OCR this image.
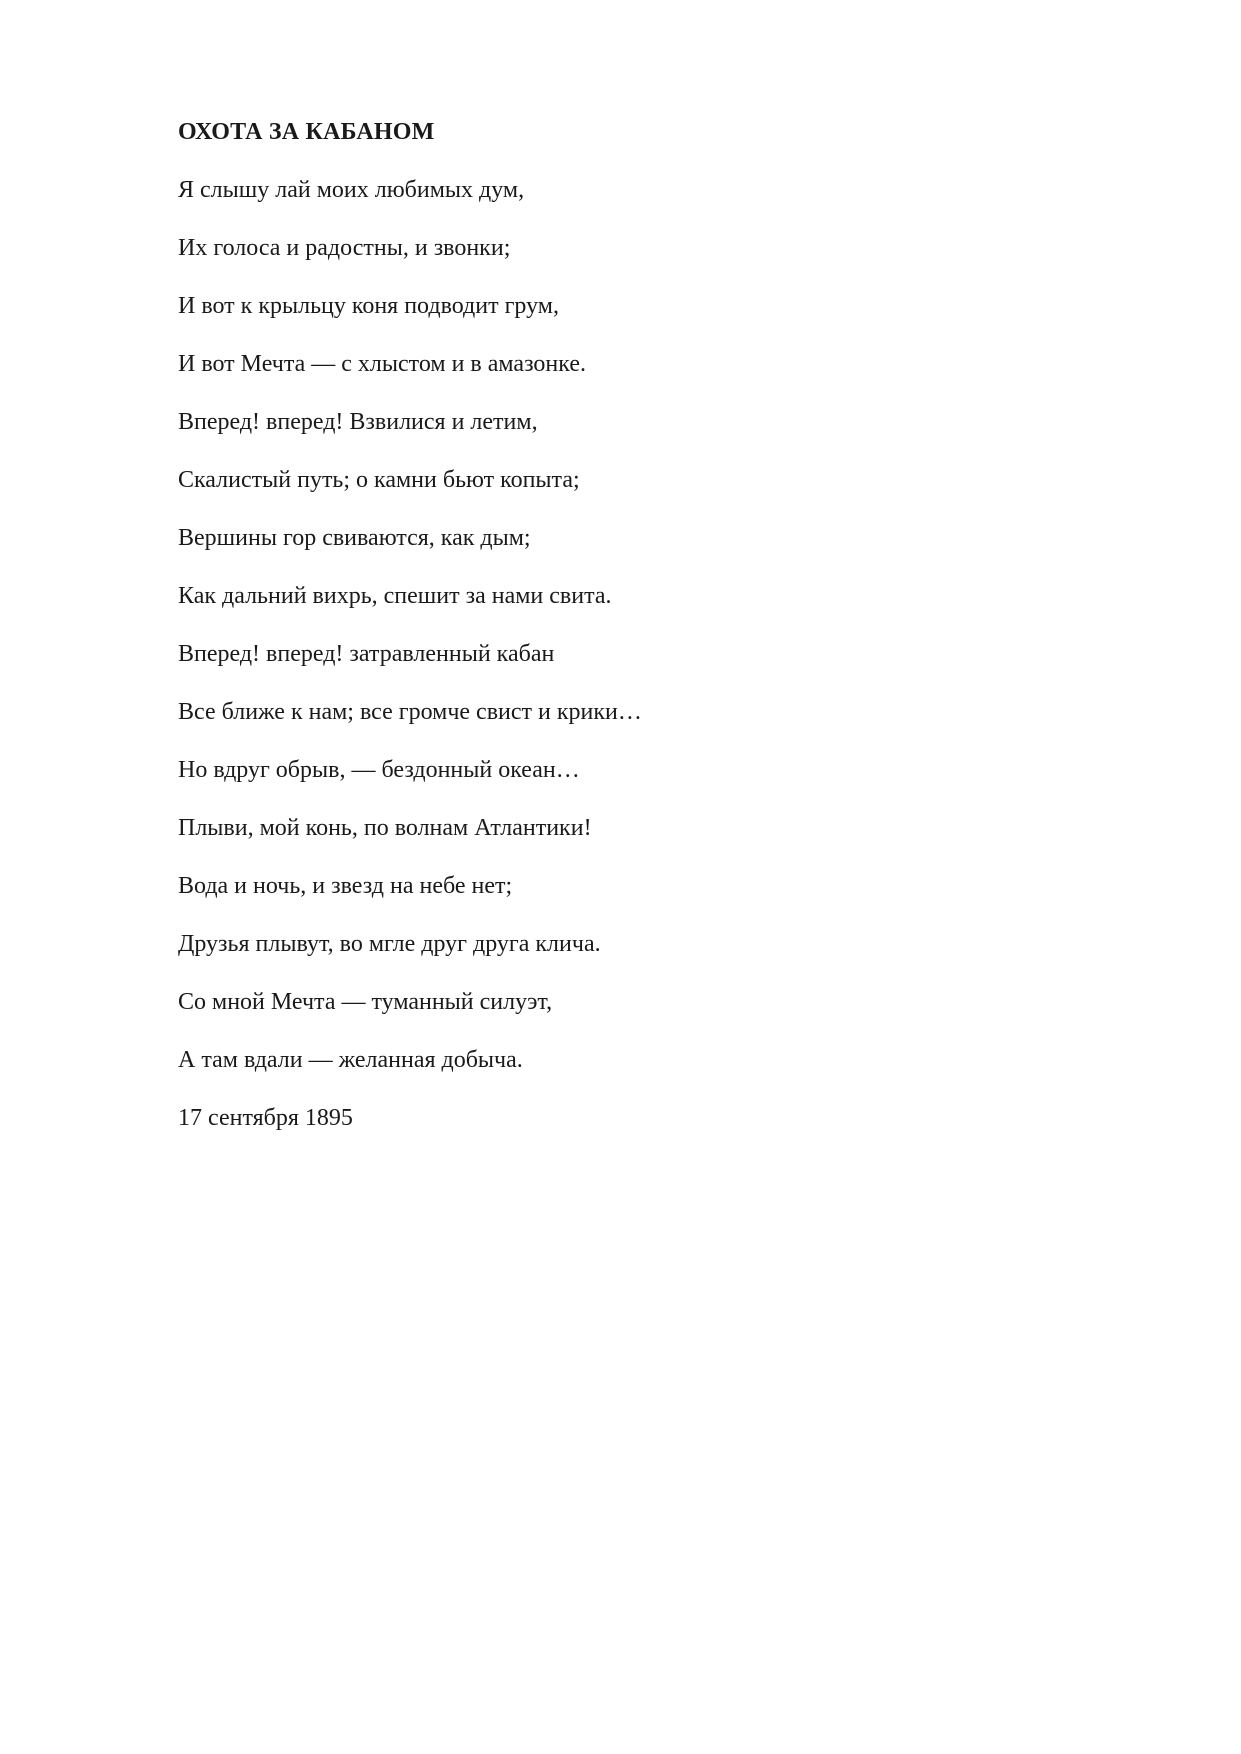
ОХОТА ЗА КАБАНОМ
Я слышу лай моих любимых дум,
Их голоса и радостны, и звонки;
И вот к крыльцу коня подводит грум,
И вот Мечта — с хлыстом и в амазонке.
Вперед! вперед! Взвилися и летим,
Скалистый путь; о камни бьют копыта;
Вершины гор свиваются, как дым;
Как дальний вихрь, спешит за нами свита.
Вперед! вперед! затравленный кабан
Все ближе к нам; все громче свист и крики…
Но вдруг обрыв, — бездонный океан…
Плыви, мой конь, по волнам Атлантики!
Вода и ночь, и звезд на небе нет;
Друзья плывут, во мгле друг друга клича.
Со мной Мечта — туманный силуэт,
А там вдали — желанная добыча.

17 сентября 1895
